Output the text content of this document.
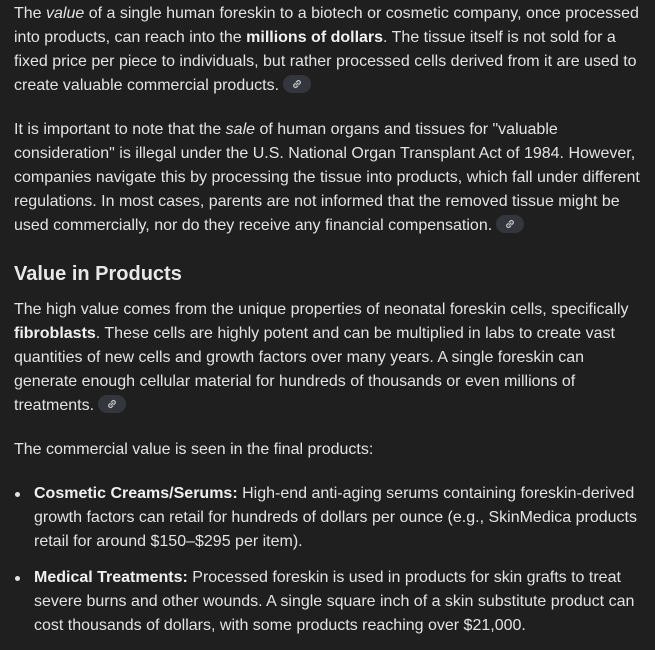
The value of a single human foreskin to a biotech or cosmetic company, once processed into products, can reach into the millions of dollars. The tissue itself is not sold for a fixed price per piece to individuals, but rather processed cells derived from it are used to create valuable commercial products.

It is important to note that the sale of human organs and tissues for "valuable consideration" is illegal under the U.S. National Organ Transplant Act of 1984. However, companies navigate this by processing the tissue into products, which fall under different regulations. In most cases, parents are not informed that the removed tissue might be used commercially, nor do they receive any financial compensation.

Value in Products

The high value comes from the unique properties of neonatal foreskin cells, specifically fibroblasts. These cells are highly potent and can be multiplied in labs to create vast quantities of new cells and growth factors over many years. A single foreskin can generate enough cellular material for hundreds of thousands or even millions of treatments.

The commercial value is seen in the final products:

Cosmetic Creams/Serums: High-end anti-aging serums containing foreskin-derived growth factors can retail for hundreds of dollars per ounce (e.g., SkinMedica products retail for around $150–$295 per item).
Medical Treatments: Processed foreskin is used in products for skin grafts to treat severe burns and other wounds. A single square inch of a skin substitute product can cost thousands of dollars, with some products reaching over $21,000.
